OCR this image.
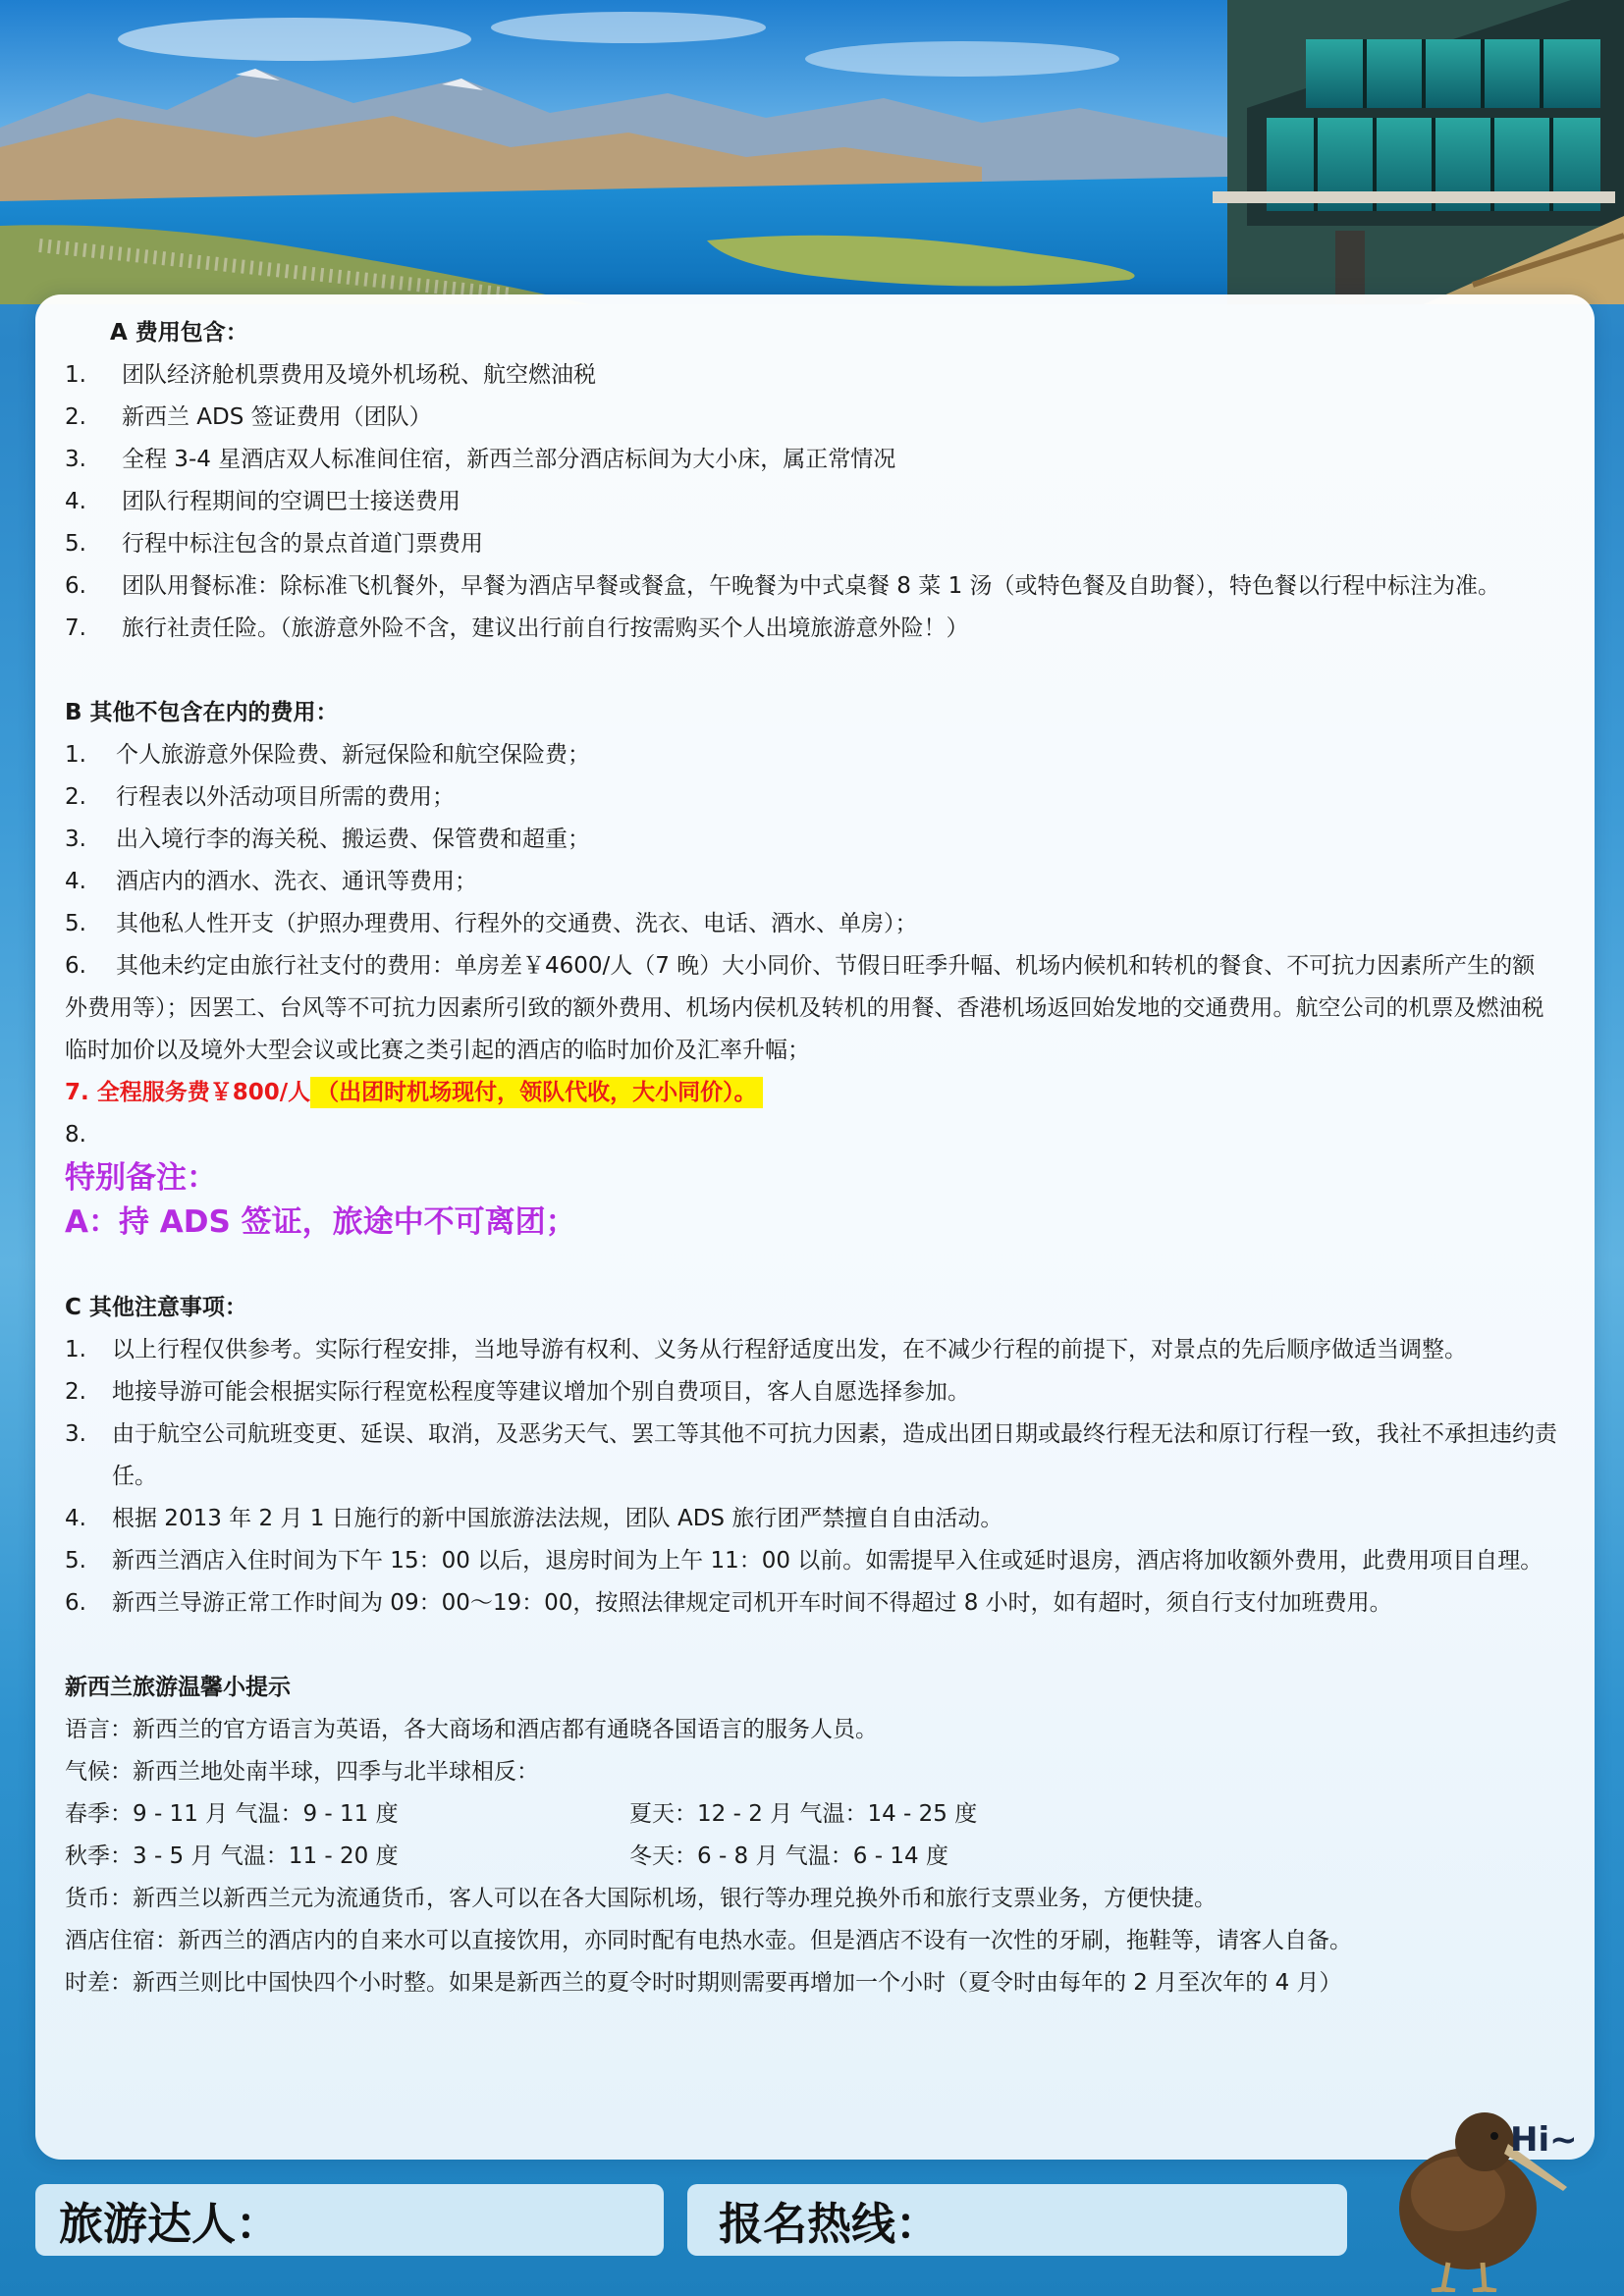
A 费用包含：
1.	团队经济舱机票费用及境外机场税、航空燃油税
2.	新西兰 ADS 签证费用（团队）
3.	全程 3-4 星酒店双人标准间住宿，新西兰部分酒店标间为大小床，属正常情况
4.	团队行程期间的空调巴士接送费用
5.	行程中标注包含的景点首道门票费用
6.	团队用餐标准：除标准飞机餐外，早餐为酒店早餐或餐盒，午晚餐为中式桌餐 8 菜 1 汤（或特色餐及自助餐），特色餐以行程中标注为准。
7.	旅行社责任险。（旅游意外险不含，建议出行前自行按需购买个人出境旅游意外险！）
B 其他不包含在内的费用：
1. 个人旅游意外保险费、新冠保险和航空保险费；
2. 行程表以外活动项目所需的费用；
3. 出入境行李的海关税、搬运费、保管费和超重；
4. 酒店内的酒水、洗衣、通讯等费用；
5. 其他私人性开支（护照办理费用、行程外的交通费、洗衣、电话、酒水、单房）；
6. 其他未约定由旅行社支付的费用：单房差￥4600/人（7 晚）大小同价、节假日旺季升幅、机场内候机和转机的餐食、不可抗力因素所产生的额外费用等）；因罢工、台风等不可抗力因素所引致的额外费用、机场内侯机及转机的用餐、香港机场返回始发地的交通费用。航空公司的机票及燃油税临时加价以及境外大型会议或比赛之类引起的酒店的临时加价及汇率升幅；
7. 全程服务费￥800/人 （出团时机场现付，领队代收，大小同价）。
8.
特别备注：
A：持 ADS 签证，旅途中不可离团；
C 其他注意事项：
1.	以上行程仅供参考。实际行程安排，当地导游有权利、义务从行程舒适度出发，在不减少行程的前提下，对景点的先后顺序做适当调整。
2.	地接导游可能会根据实际行程宽松程度等建议增加个别自费项目，客人自愿选择参加。
3.	由于航空公司航班变更、延误、取消，及恶劣天气、罢工等其他不可抗力因素，造成出团日期或最终行程无法和原订行程一致，我社不承担违约责任。
4.	根据 2013 年 2 月 1 日施行的新中国旅游法法规，团队 ADS 旅行团严禁擅自自由活动。
5.	新西兰酒店入住时间为下午 15：00 以后，退房时间为上午 11：00 以前。如需提早入住或延时退房，酒店将加收额外费用，此费用项目自理。
6.	新西兰导游正常工作时间为 09：00～19：00，按照法律规定司机开车时间不得超过 8 小时，如有超时，须自行支付加班费用。
新西兰旅游温馨小提示

语言：新西兰的官方语言为英语，各大商场和酒店都有通晓各国语言的服务人员。

气候：新西兰地处南半球，四季与北半球相反：

春季：9 - 11 月 气温：9 - 11 度	夏天：12 - 2 月 气温：14 - 25 度
秋季：3 - 5 月 气温：11 - 20 度	冬天：6 - 8 月 气温：6 - 14 度

货币：新西兰以新西兰元为流通货币，客人可以在各大国际机场，银行等办理兑换外币和旅行支票业务，方便快捷。

酒店住宿：新西兰的酒店内的自来水可以直接饮用，亦同时配有电热水壶。但是酒店不设有一次性的牙刷，拖鞋等，请客人自备。

时差：新西兰则比中国快四个小时整。如果是新西兰的夏令时时期则需要再增加一个小时（夏令时由每年的 2 月至次年的 4 月）

Hi~
旅游达人：	报名热线：
